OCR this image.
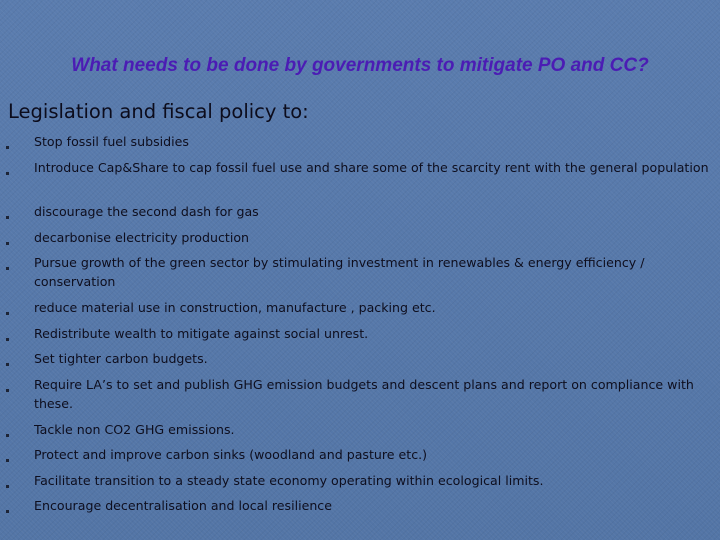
What needs to be done by governments to mitigate PO and CC?
Legislation and fiscal policy to:
Stop fossil fuel subsidies
Introduce Cap&Share to cap fossil fuel use and share some of the scarcity rent with the general population
discourage the second dash for gas
decarbonise electricity production
Pursue growth of the green sector by stimulating investment in renewables & energy efficiency / conservation
reduce material use in construction, manufacture , packing etc.
Redistribute wealth to mitigate against social unrest.
Set tighter carbon budgets.
Require LA’s to set and publish GHG emission budgets and descent plans and report on compliance with these.
Tackle non CO2 GHG emissions.
Protect and improve carbon sinks (woodland and pasture etc.)
Facilitate transition to a steady state economy operating within ecological limits.
Encourage decentralisation and local resilience
